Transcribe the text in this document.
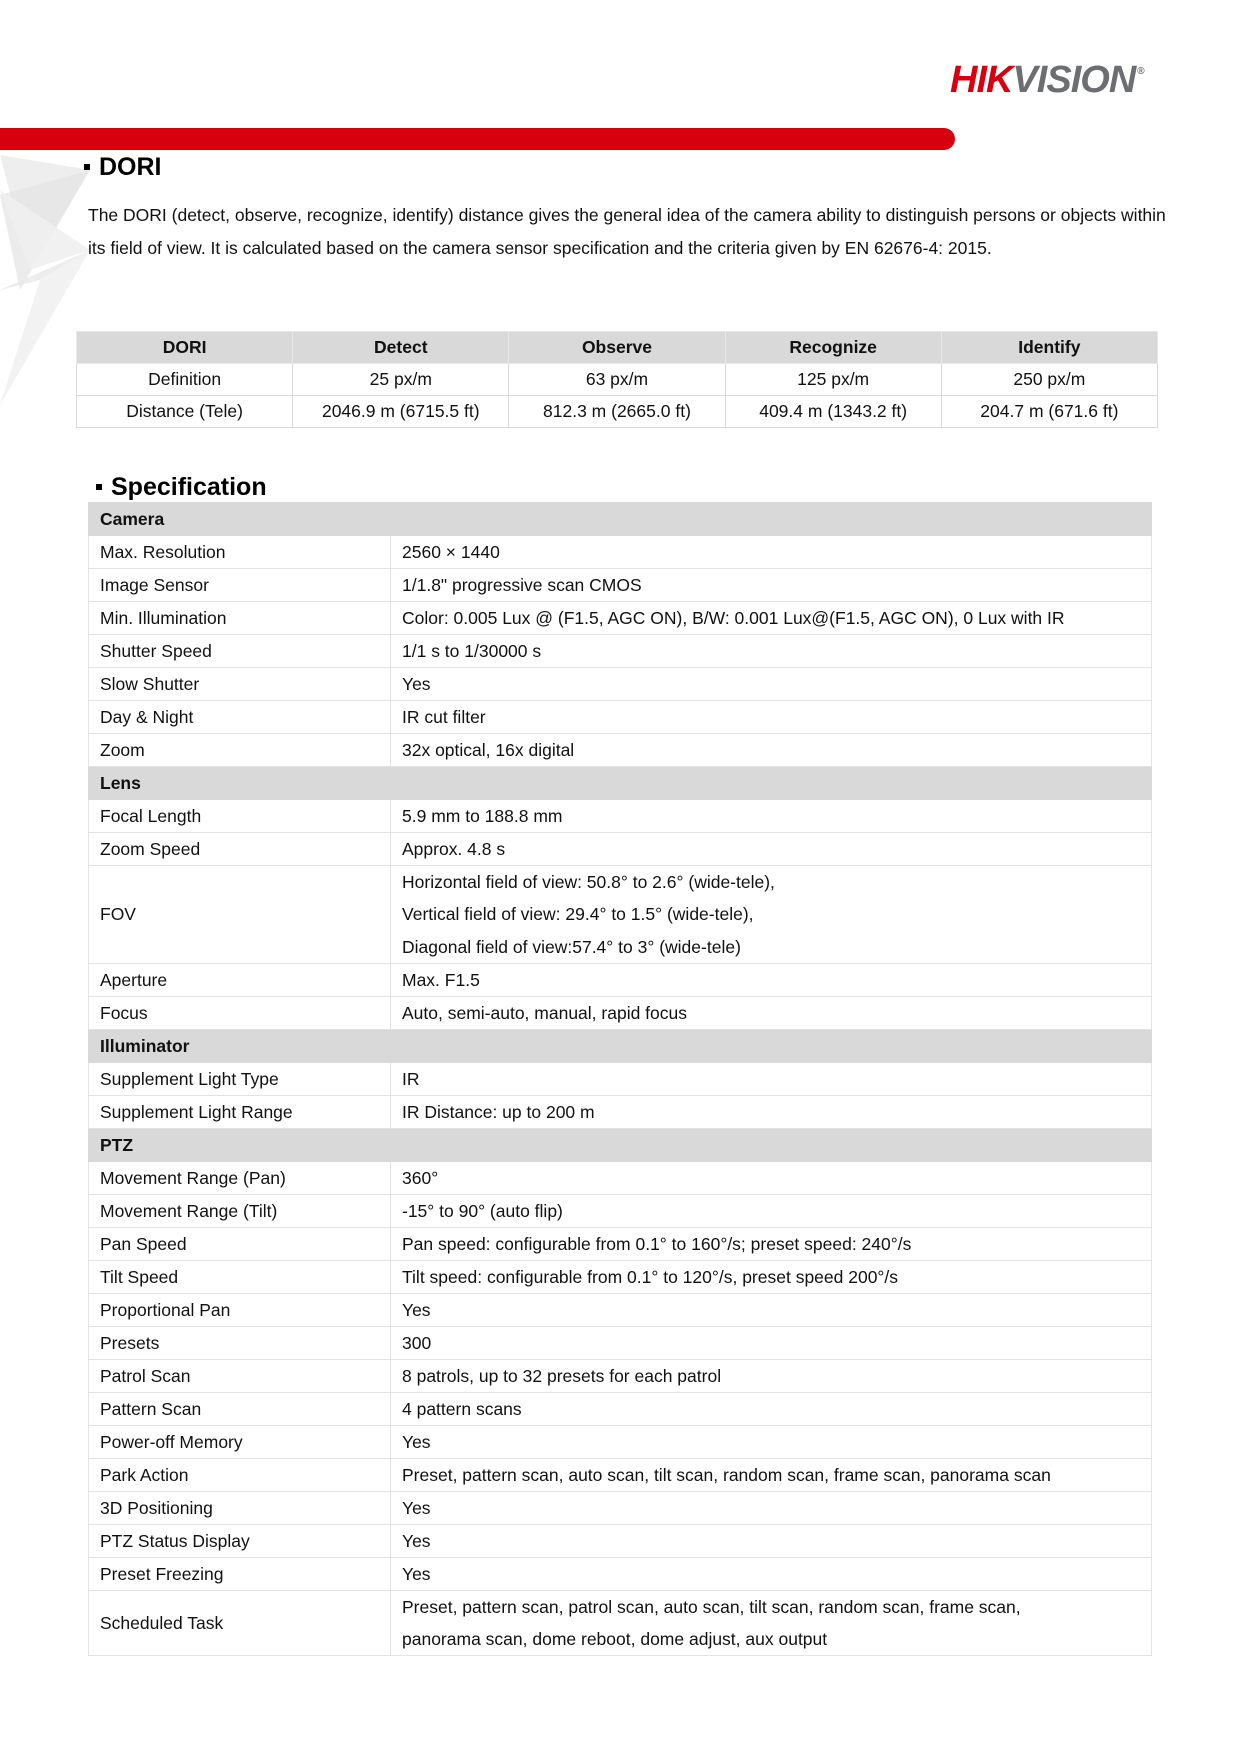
HIKVISION ®
DORI
The DORI (detect, observe, recognize, identify) distance gives the general idea of the camera ability to distinguish persons or objects within its field of view. It is calculated based on the camera sensor specification and the criteria given by EN 62676-4: 2015.
DORI	Detect	Observe	Recognize	Identify
Definition	25 px/m	63 px/m	125 px/m	250 px/m
Distance (Tele)	2046.9 m (6715.5 ft)	812.3 m (2665.0 ft)	409.4 m (1343.2 ft)	204.7 m (671.6 ft)
Specification
Camera	
Max. Resolution	2560 × 1440

Image Sensor	1/1.8" progressive scan CMOS

Min. Illumination	Color: 0.005 Lux @ (F1.5, AGC ON), B/W: 0.001 Lux@(F1.5, AGC ON), 0 Lux with IR

Shutter Speed	1/1 s to 1/30000 s

Slow Shutter	Yes

Day & Night	IR cut filter

Zoom	32x optical, 16x digital

Lens	
Focal Length	5.9 mm to 188.8 mm

Zoom Speed	Approx. 4.8 s

FOV	Horizontal field of view: 50.8° to 2.6° (wide-tele),
Vertical field of view: 29.4° to 1.5° (wide-tele),
Diagonal field of view:57.4° to 3° (wide-tele)

Aperture	Max. F1.5

Focus	Auto, semi-auto, manual, rapid focus

Illuminator	
Supplement Light Type	IR

Supplement Light Range	IR Distance: up to 200 m

PTZ	
Movement Range (Pan)	360°

Movement Range (Tilt)	-15° to 90° (auto flip)

Pan Speed	Pan speed: configurable from 0.1° to 160°/s; preset speed: 240°/s

Tilt Speed	Tilt speed: configurable from 0.1° to 120°/s, preset speed 200°/s

Proportional Pan	Yes

Presets	300

Patrol Scan	8 patrols, up to 32 presets for each patrol

Pattern Scan	4 pattern scans

Power-off Memory	Yes

Park Action	Preset, pattern scan, auto scan, tilt scan, random scan, frame scan, panorama scan

3D Positioning	Yes

PTZ Status Display	Yes

Preset Freezing	Yes

Scheduled Task	Preset, pattern scan, patrol scan, auto scan, tilt scan, random scan, frame scan,
panorama scan, dome reboot, dome adjust, aux output
